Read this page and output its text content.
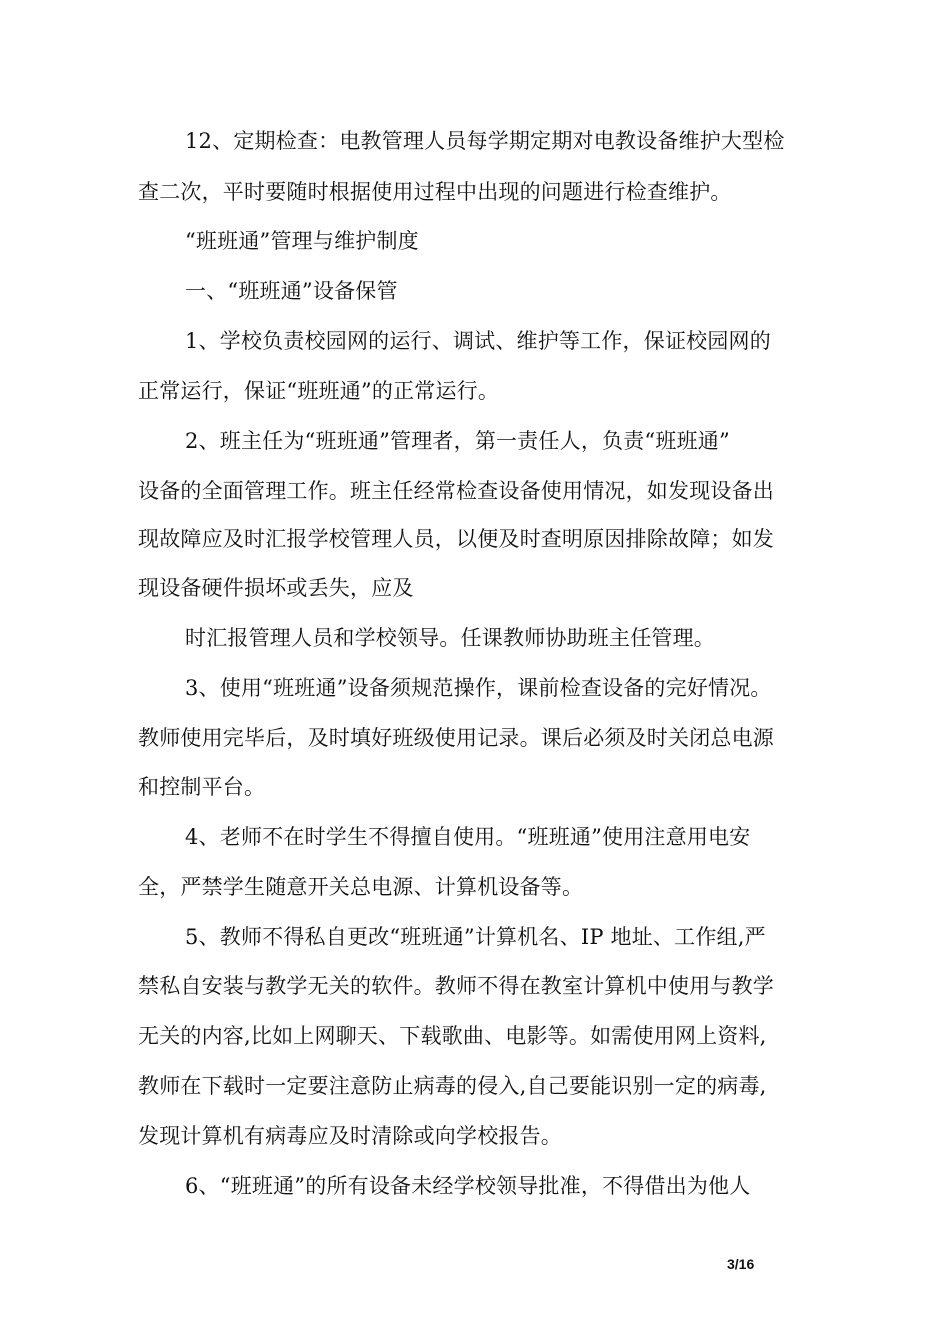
12、定期检查：电教管理人员每学期定期对电教设备维护大型检
查二次，平时要随时根据使用过程中出现的问题进行检查维护。
“班班通”管理与维护制度
一、“班班通”设备保管
1、学校负责校园网的运行、调试、维护等工作，保证校园网的
正常运行，保证“班班通”的正常运行。
2、班主任为“班班通”管理者，第一责任人，负责“班班通”
设备的全面管理工作。班主任经常检查设备使用情况，如发现设备出
现故障应及时汇报学校管理人员，以便及时查明原因排除故障；如发
现设备硬件损坏或丢失，应及
时汇报管理人员和学校领导。任课教师协助班主任管理。
3、使用“班班通”设备须规范操作，课前检查设备的完好情况。
教师使用完毕后，及时填好班级使用记录。课后必须及时关闭总电源
和控制平台。
4、老师不在时学生不得擅自使用。“班班通”使用注意用电安
全，严禁学生随意开关总电源、计算机设备等。
5、教师不得私自更改“班班通”计算机名、IP 地址、工作组,严
禁私自安装与教学无关的软件。教师不得在教室计算机中使用与教学
无关的内容,比如上网聊天、下载歌曲、电影等。如需使用网上资料,
教师在下载时一定要注意防止病毒的侵入,自己要能识别一定的病毒,
发现计算机有病毒应及时清除或向学校报告。
6、“班班通”的所有设备未经学校领导批准，不得借出为他人
3/16
